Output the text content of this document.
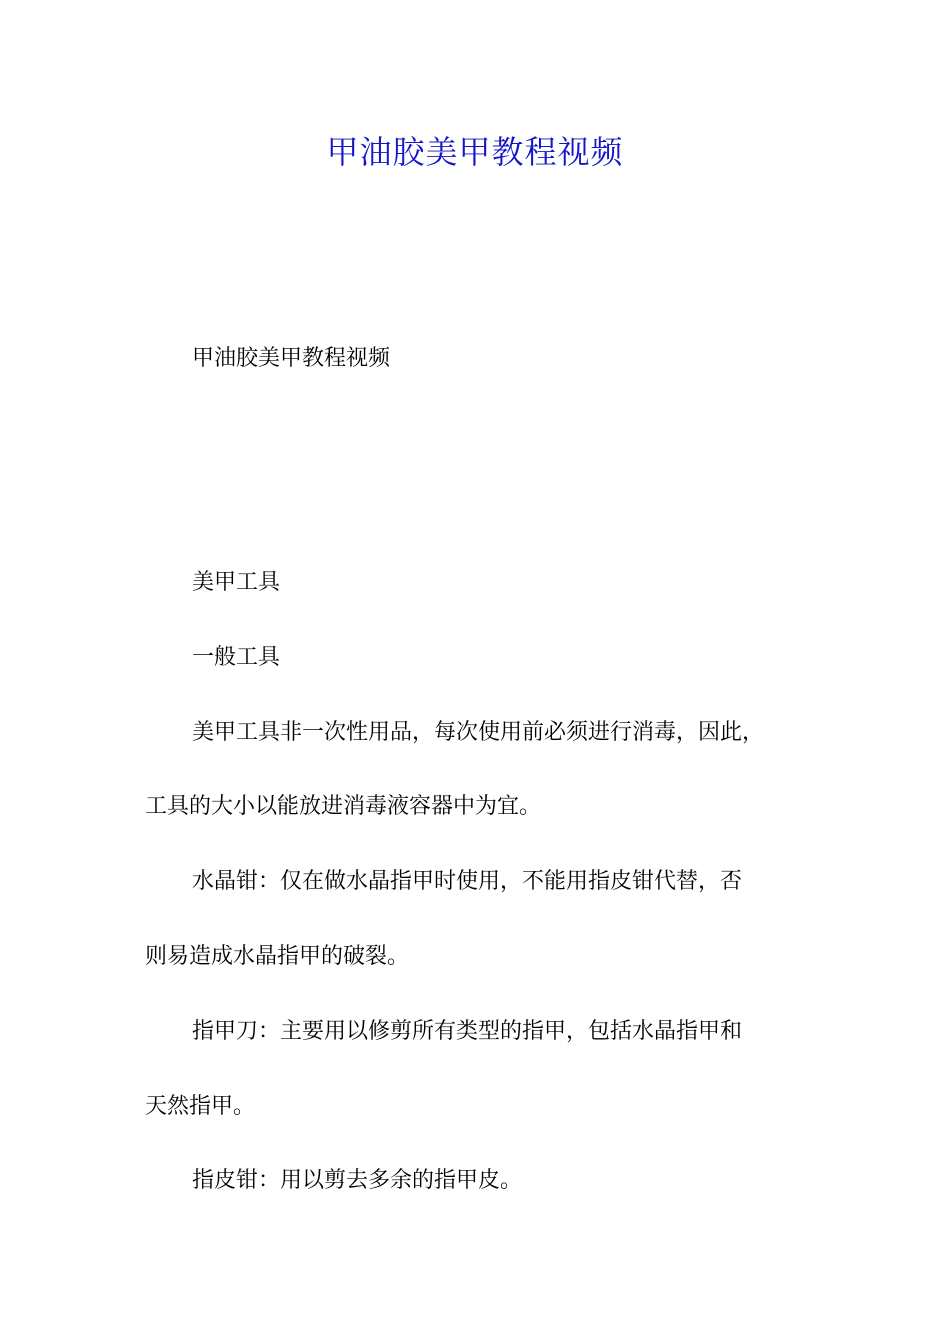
甲油胶美甲教程视频

甲油胶美甲教程视频

美甲工具

一般工具

美甲工具非一次性用品，每次使用前必须进行消毒，因此，

工具的大小以能放进消毒液容器中为宜。

水晶钳：仅在做水晶指甲时使用，不能用指皮钳代替，否

则易造成水晶指甲的破裂。

指甲刀：主要用以修剪所有类型的指甲，包括水晶指甲和

天然指甲。

指皮钳：用以剪去多余的指甲皮。
